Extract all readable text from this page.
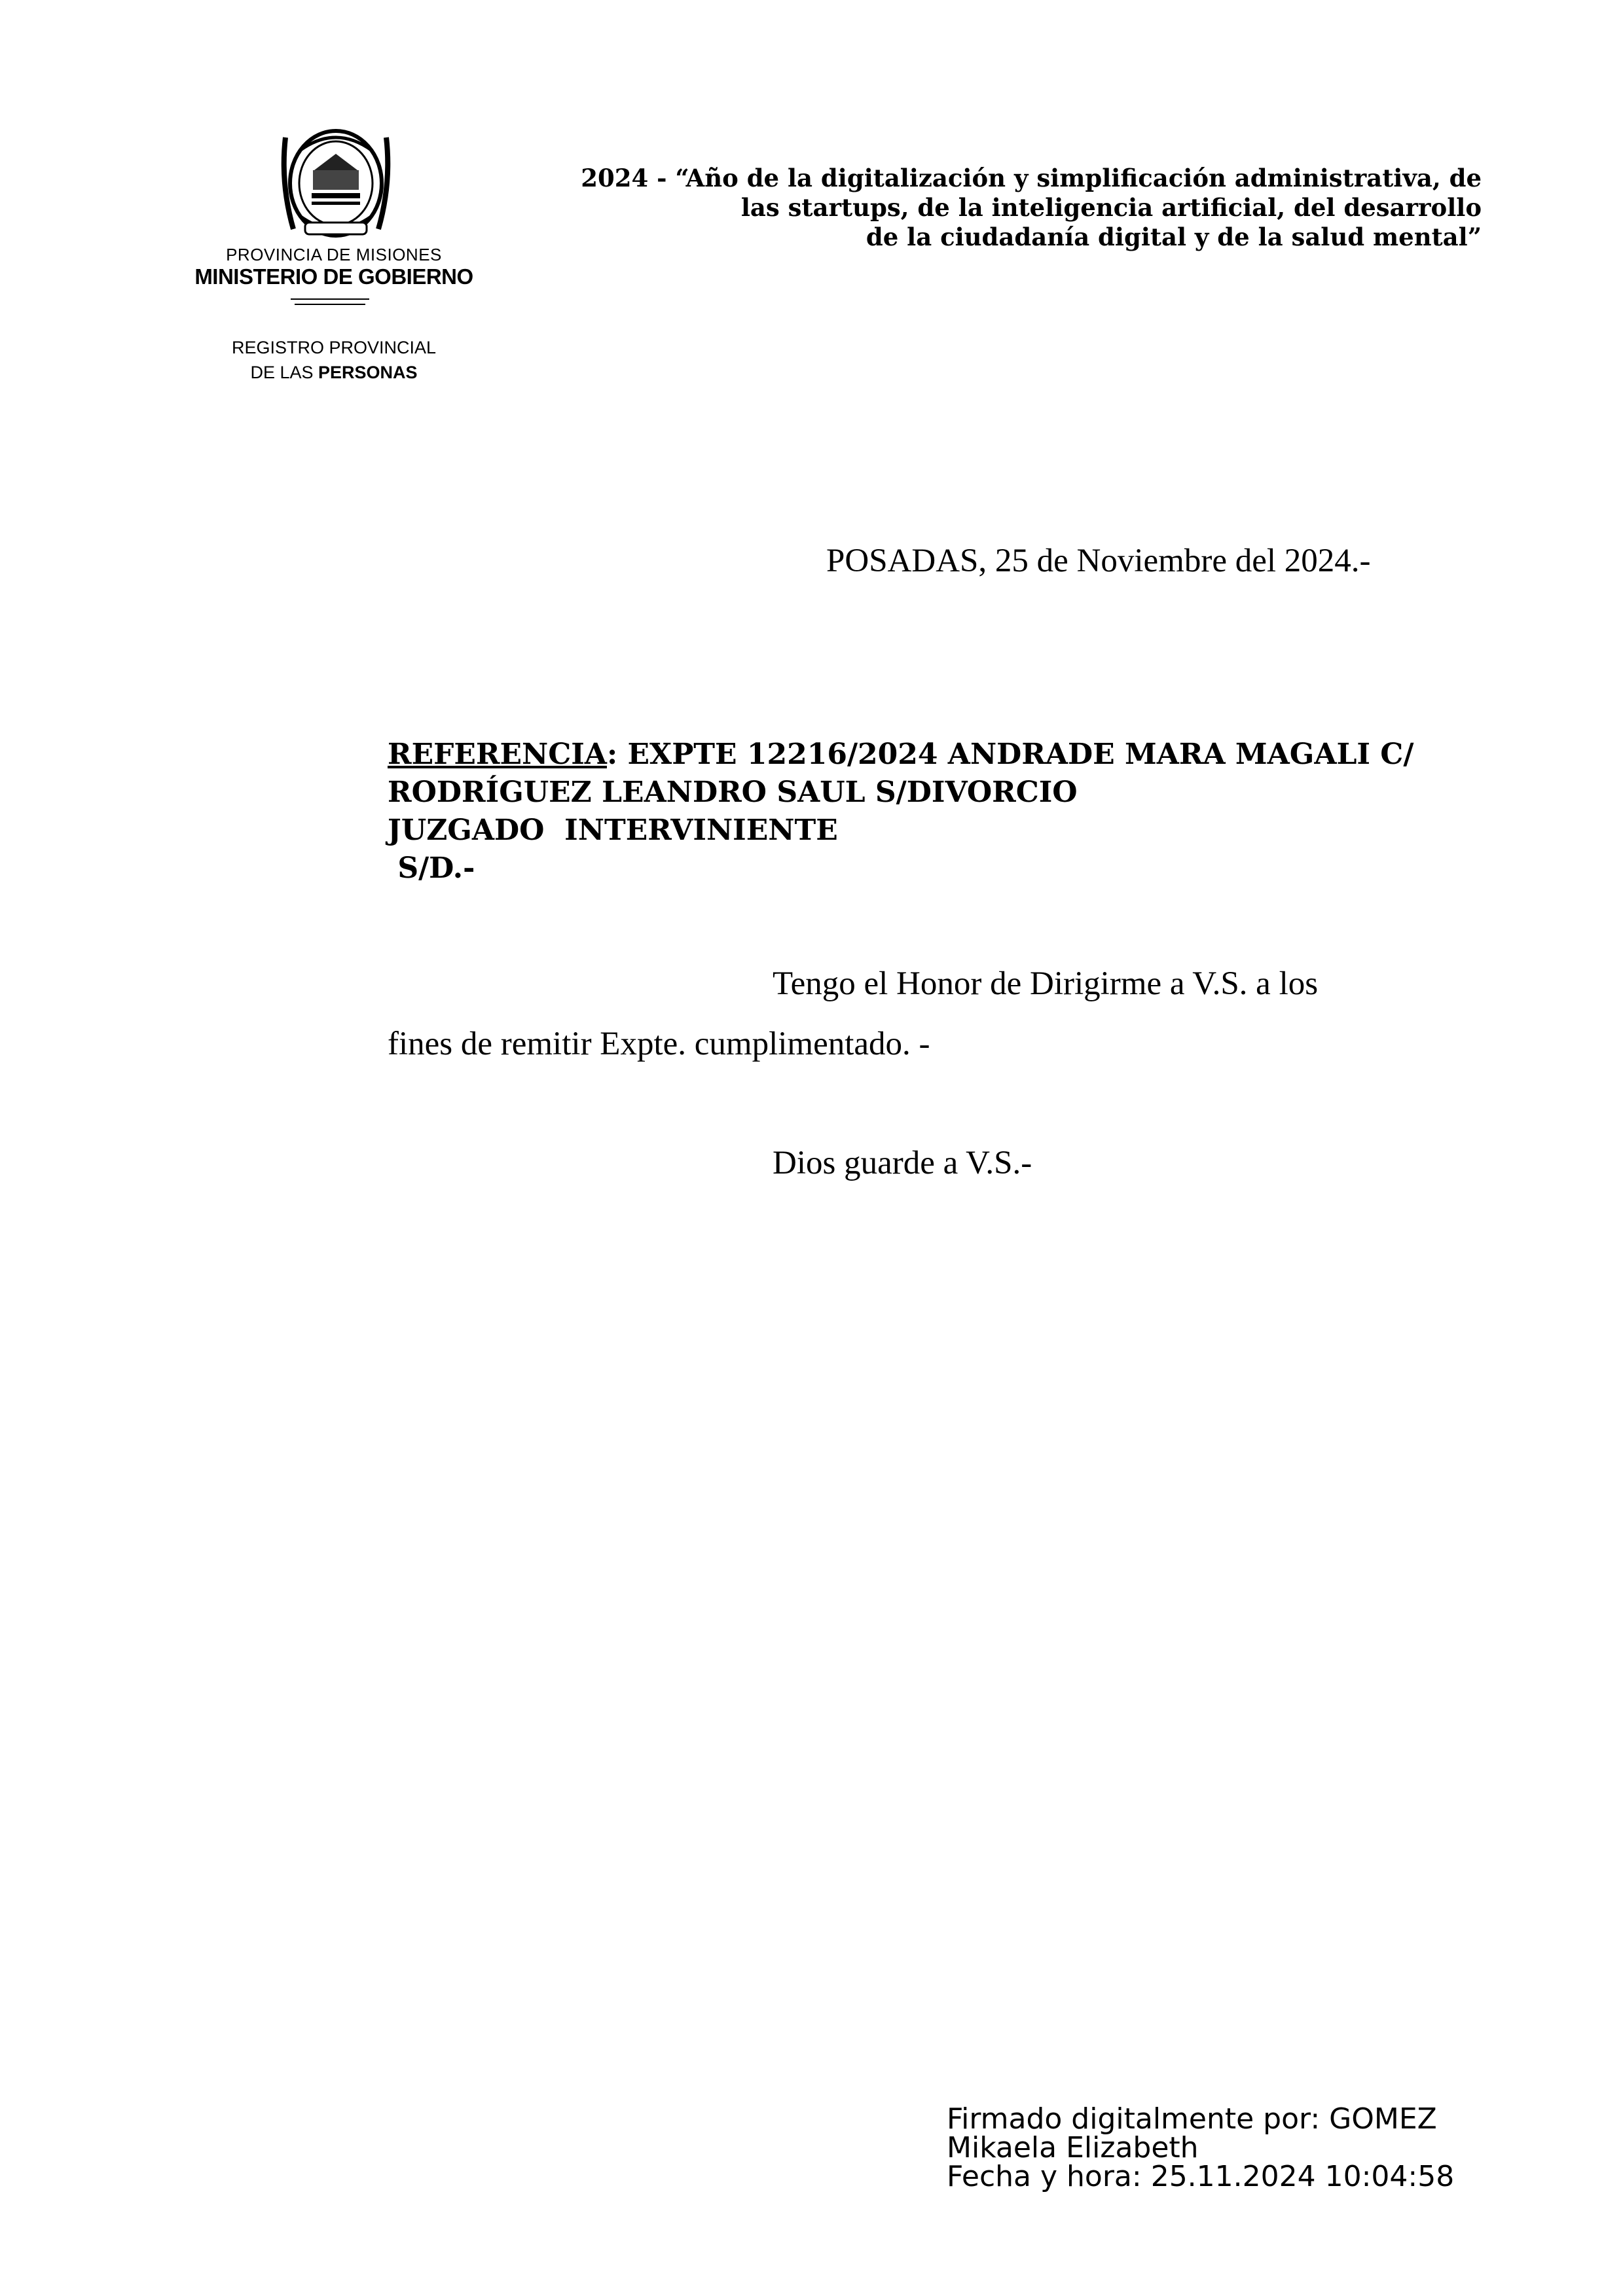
PROVINCIA DE MISIONES
MINISTERIO DE GOBIERNO
REGISTRO PROVINCIAL
DE LAS PERSONAS
2024 - “Año de la digitalización y simplificación administrativa, de
las startups, de la inteligencia artificial, del desarrollo
de la ciudadanía digital y de la salud mental”
POSADAS, 25 de Noviembre del 2024.-
REFERENCIA: EXPTE 12216/2024 ANDRADE MARA MAGALI C/
RODRÍGUEZ LEANDRO SAUL S/DIVORCIO
JUZGADO  INTERVINIENTE
S/D.-
Tengo el Honor de Dirigirme a V.S. a los
fines de remitir Expte. cumplimentado. -
Dios guarde a V.S.-
Firmado digitalmente por: GOMEZ
Mikaela Elizabeth
Fecha y hora: 25.11.2024 10:04:58
